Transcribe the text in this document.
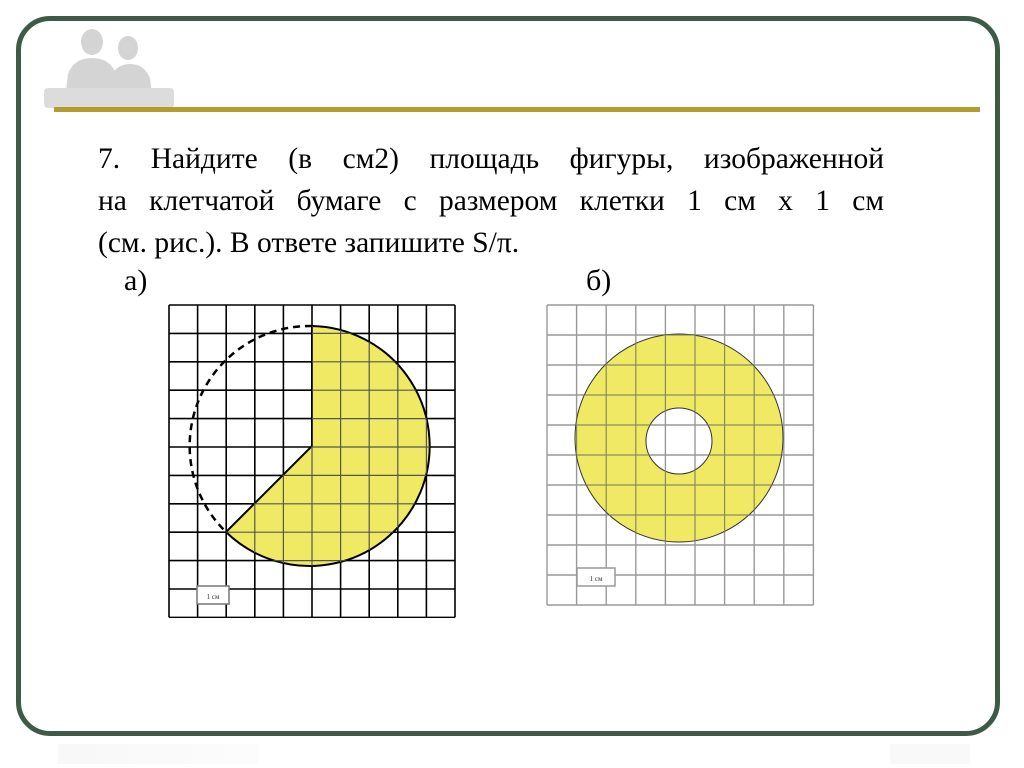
7. Найдите (в см2) площадь фигуры, изображенной
на клетчатой бумаге с размером клетки 1 см х 1 см
(см. рис.). В ответе запишите S/π.
а)	б)
1 см
1 см
